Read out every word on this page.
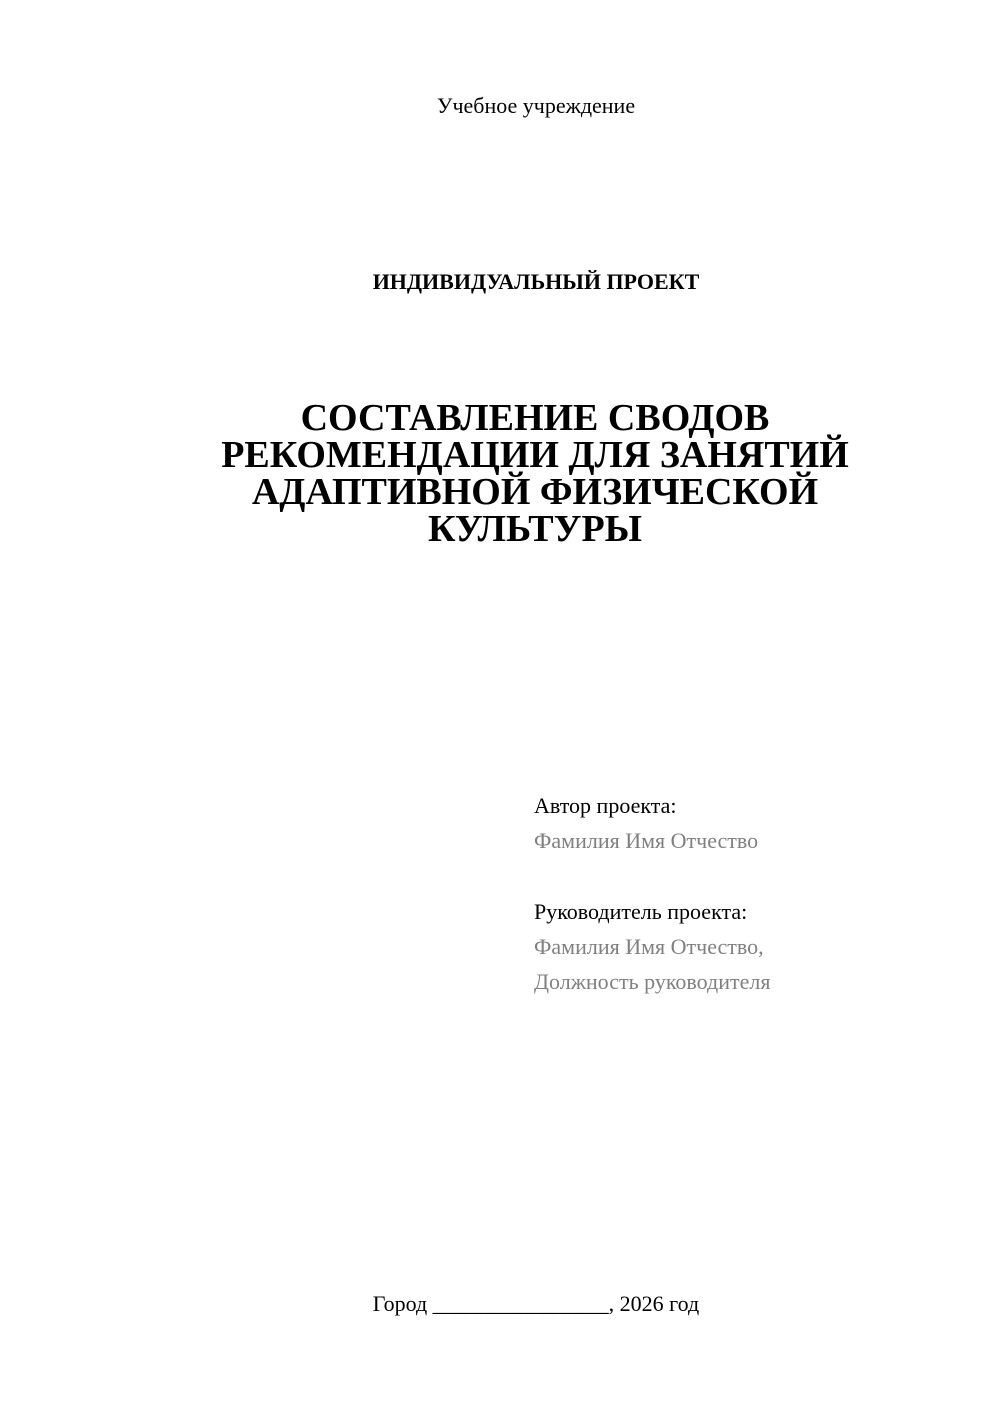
Учебное учреждение
ИНДИВИДУАЛЬНЫЙ ПРОЕКТ
СОСТАВЛЕНИЕ СВОДОВ
РЕКОМЕНДАЦИИ ДЛЯ ЗАНЯТИЙ
АДАПТИВНОЙ ФИЗИЧЕСКОЙ
КУЛЬТУРЫ
Автор проекта:
Фамилия Имя Отчество
Руководитель проекта:
Фамилия Имя Отчество,
Должность руководителя
Город ________________, 2026 год
